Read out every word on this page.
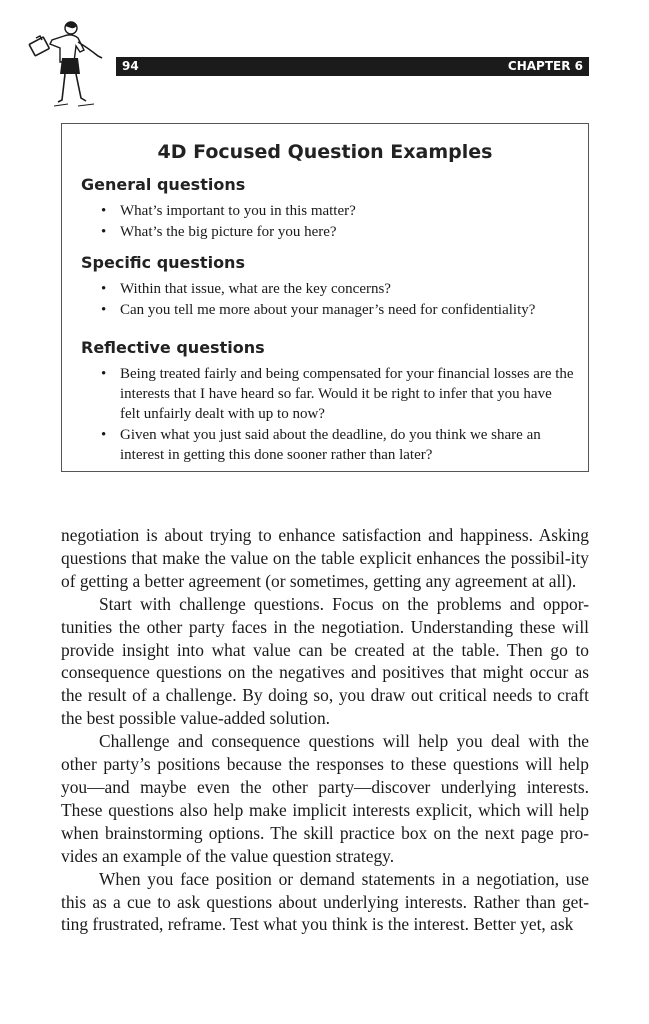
94	CHAPTER 6
4D Focused Question Examples
General questions
• What’s important to you in this matter?
• What’s the big picture for you here?
Specific questions
• Within that issue, what are the key concerns?
• Can you tell me more about your manager’s need for confidentiality?
Reflective questions
• Being treated fairly and being compensated for your financial losses are the interests that I have heard so far. Would it be right to infer that you have felt unfairly dealt with up to now?
• Given what you just said about the deadline, do you think we share an interest in getting this done sooner rather than later?

negotiation is about trying to enhance satisfaction and happiness. Asking questions that make the value on the table explicit enhances the possibil-ity of getting a better agreement (or sometimes, getting any agreement at all).

Start with challenge questions. Focus on the problems and oppor-tunities the other party faces in the negotiation. Understanding these will provide insight into what value can be created at the table. Then go to consequence questions on the negatives and positives that might occur as the result of a challenge. By doing so, you draw out critical needs to craft the best possible value-added solution.

Challenge and consequence questions will help you deal with the other party’s positions because the responses to these questions will help you—and maybe even the other party—discover underlying interests. These questions also help make implicit interests explicit, which will help when brainstorming options. The skill practice box on the next page pro-vides an example of the value question strategy.

When you face position or demand statements in a negotiation, use this as a cue to ask questions about underlying interests. Rather than get-ting frustrated, reframe. Test what you think is the interest. Better yet, ask
